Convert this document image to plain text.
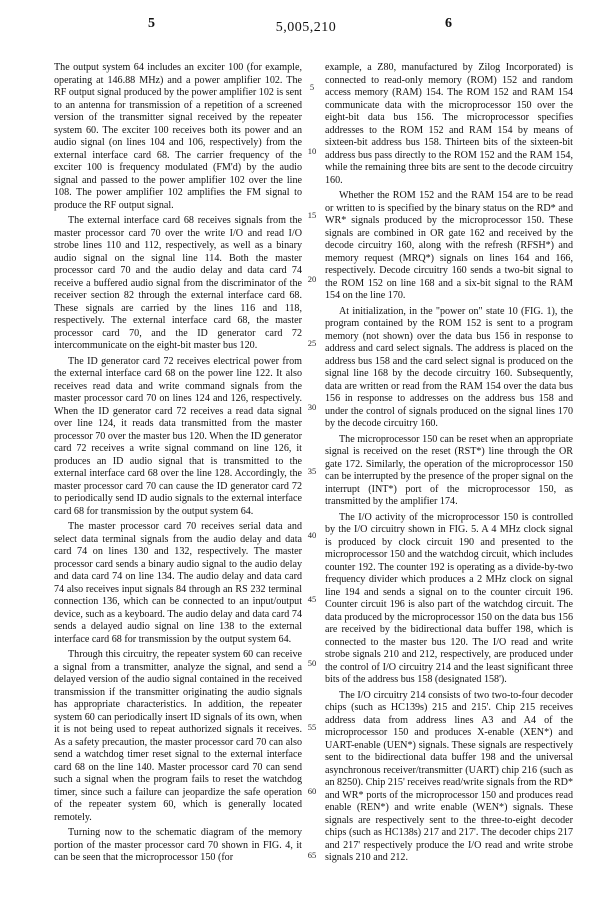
5	5,005,210	6

The output system 64 includes an exciter 100 (for example, operating at 146.88 MHz) and a power amplifier 102. The RF output signal produced by the power amplifier 102 is sent to an antenna for transmission of a repetition of a screened version of the transmitter signal received by the repeater system 60. The exciter 100 receives both its power and an audio signal (on lines 104 and 106, respectively) from the external interface card 68. The carrier frequency of the exciter 100 is frequency modulated (FM'd) by the audio signal and passed to the power amplifier 102 over the line 108. The power amplifier 102 amplifies the FM signal to produce the RF output signal.

The external interface card 68 receives signals from the master processor card 70 over the write I/O and read I/O strobe lines 110 and 112, respectively, as well as a binary audio signal on the signal line 114. Both the master processor card 70 and the audio delay and data card 74 receive a buffered audio signal from the discriminator of the receiver section 82 through the external interface card 68. These signals are carried by the lines 116 and 118, respectively. The external interface card 68, the master processor card 70, and the ID generator card 72 intercommunicate on the eight-bit master bus 120.

The ID generator card 72 receives electrical power from the external interface card 68 on the power line 122. It also receives read data and write command signals from the master processor card 70 on lines 124 and 126, respectively. When the ID generator card 72 receives a read data signal over line 124, it reads data transmitted from the master processor 70 over the master bus 120. When the ID generator card 72 receives a write signal command on line 126, it produces an ID audio signal that is transmitted to the external interface card 68 over the line 128. Accordingly, the master processor card 70 can cause the ID generator card 72 to periodically send ID audio signals to the external interface card 68 for transmission by the output system 64.

The master processor card 70 receives serial data and select data terminal signals from the audio delay and data card 74 on lines 130 and 132, respectively. The master processor card sends a binary audio signal to the audio delay and data card 74 on line 134. The audio delay and data card 74 also receives input signals 84 through an RS 232 terminal connection 136, which can be connected to an input/output device, such as a keyboard. The audio delay and data card 74 sends a delayed audio signal on line 138 to the external interface card 68 for transmission by the output system 64.

Through this circuitry, the repeater system 60 can receive a signal from a transmitter, analyze the signal, and send a delayed version of the audio signal contained in the received transmission if the transmitter originating the audio signals has appropriate characteristics. In addition, the repeater system 60 can periodically insert ID signals of its own, when it is not being used to repeat authorized signals it receives. As a safety precaution, the master processor card 70 can also send a watchdog timer reset signal to the external interface card 68 on the line 140. Master processor card 70 can send such a signal when the program fails to reset the watchdog timer, since such a failure can jeopardize the safe operation of the repeater system 60, which is generally located remotely.

Turning now to the schematic diagram of the memory portion of the master processor card 70 shown in FIG. 4, it can be seen that the microprocessor 150 (for

5
10
15
20
25
30
35
40
45
50
55
60
65

example, a Z80, manufactured by Zilog Incorporated) is connected to read-only memory (ROM) 152 and random access memory (RAM) 154. The ROM 152 and RAM 154 communicate data with the microprocessor 150 over the eight-bit data bus 156. The microprocessor specifies addresses to the ROM 152 and RAM 154 by means of sixteen-bit address bus 158. Thirteen bits of the sixteen-bit address bus pass directly to the ROM 152 and the RAM 154, while the remaining three bits are sent to the decode circuitry 160.

Whether the ROM 152 and the RAM 154 are to be read or written to is specified by the binary status on the RD* and WR* signals produced by the microprocessor 150. These signals are combined in OR gate 162 and received by the decode circuitry 160, along with the refresh (RFSH*) and memory request (MRQ*) signals on lines 164 and 166, respectively. Decode circuitry 160 sends a two-bit signal to the ROM 152 on line 168 and a six-bit signal to the RAM 154 on the line 170.

At initialization, in the "power on" state 10 (FIG. 1), the program contained by the ROM 152 is sent to a program memory (not shown) over the data bus 156 in response to address and card select signals. The address is placed on the address bus 158 and the card select signal is produced on the signal line 168 by the decode circuitry 160. Subsequently, data are written or read from the RAM 154 over the data bus 156 in response to addresses on the address bus 158 and under the control of signals produced on the signal lines 170 by the decode circuitry 160.

The microprocessor 150 can be reset when an appropriate signal is received on the reset (RST*) line through the OR gate 172. Similarly, the operation of the microprocessor 150 can be interrupted by the presence of the proper signal on the interrupt (INT*) port of the microprocessor 150, as transmitted by the amplifier 174.

The I/O activity of the microprocessor 150 is controlled by the I/O circuitry shown in FIG. 5. A 4 MHz clock signal is produced by clock circuit 190 and presented to the microprocessor 150 and the watchdog circuit, which includes counter 192. The counter 192 is operating as a divide-by-two frequency divider which produces a 2 MHz clock on signal line 194 and sends a signal on to the counter circuit 196. Counter circuit 196 is also part of the watchdog circuit. The data produced by the microprocessor 150 on the data bus 156 are received by the bidirectional data buffer 198, which is connected to the master bus 120. The I/O read and write strobe signals 210 and 212, respectively, are produced under the control of I/O circuitry 214 and the least significant three bits of the address bus 158 (designated 158').

The I/O circuitry 214 consists of two two-to-four decoder chips (such as HC139s) 215 and 215'. Chip 215 receives address data from address lines A3 and A4 of the microprocessor 150 and produces X-enable (XEN*) and UART-enable (UEN*) signals. These signals are respectively sent to the bidirectional data buffer 198 and the universal asynchronous receiver/transmitter (UART) chip 216 (such as an 8250). Chip 215' receives read/write signals from the RD* and WR* ports of the microprocessor 150 and produces read enable (REN*) and write enable (WEN*) signals. These signals are respectively sent to the three-to-eight decoder chips (such as HC138s) 217 and 217'. The decoder chips 217 and 217' respectively produce the I/O read and write strobe signals 210 and 212.
